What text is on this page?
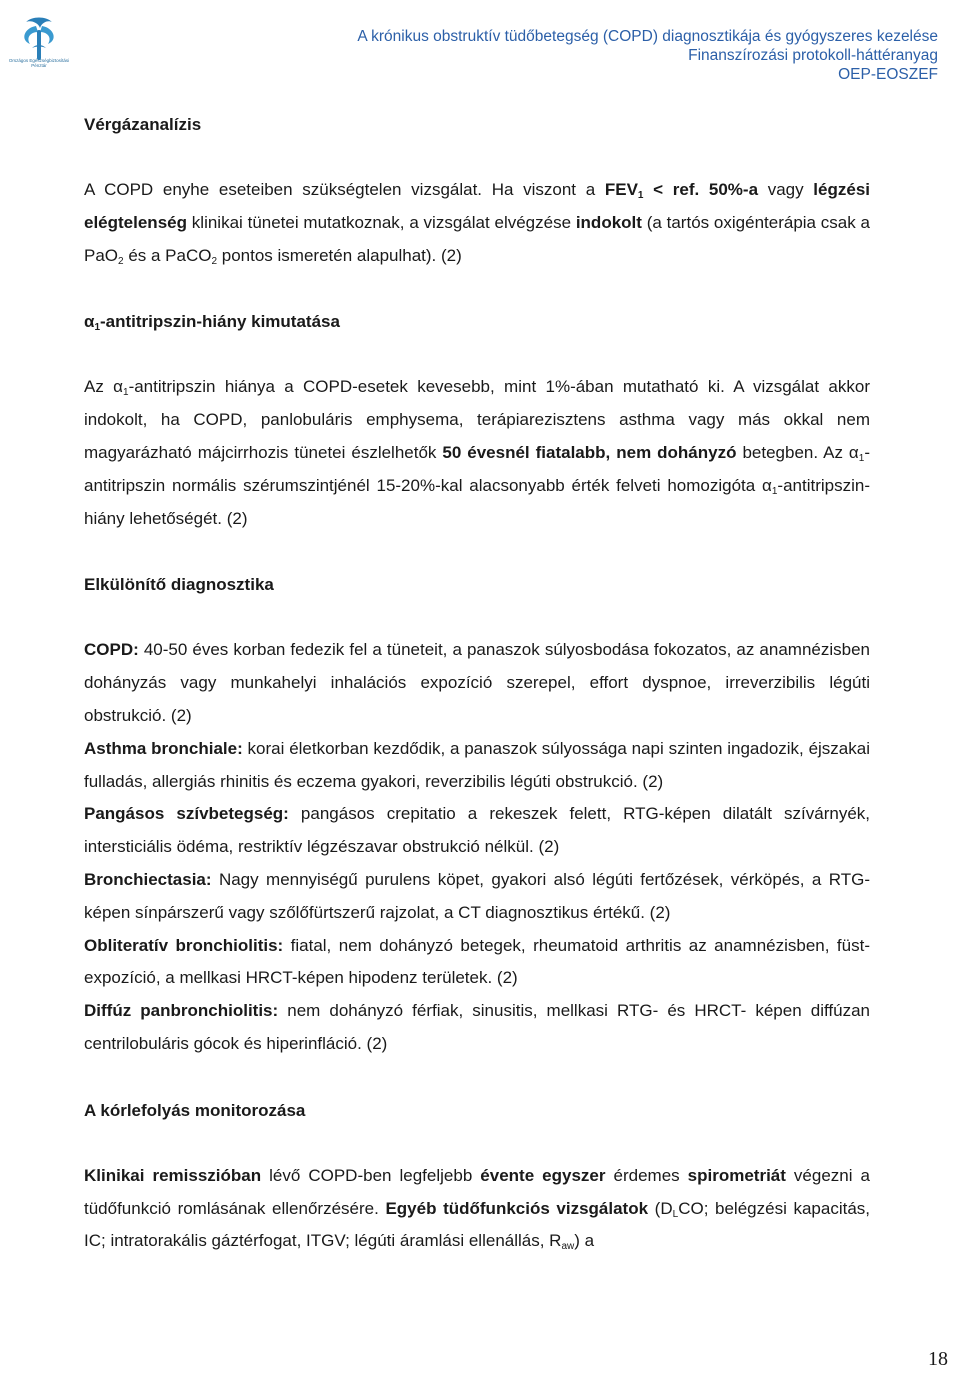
Országos Egészségbiztosítási Pénztár
A krónikus obstruktív tüdőbetegség (COPD) diagnosztikája és gyógyszeres kezelése
Finanszírozási protokoll-háttéranyag
OEP-EOSZEF
Vérgázanalízis

A COPD enyhe eseteiben szükségtelen vizsgálat. Ha viszont a $FEV_1$ < ref. 50%-a vagy légzési elégtelenség klinikai tünetei mutatkoznak, a vizsgálat elvégzése indokolt (a tartós oxigénterápia csak a PaO$_2$ és a PaCO$_2$ pontos ismeretén alapulhat). (2)

$\alpha_1-antitripszin$-hiány kimutatása

Az $\alpha_1$-antitripszin hiánya a COPD-esetek kevesebb, mint 1%-ában mutatható ki. A vizsgálat akkor indokolt, ha COPD, panlobuláris emphysema, terápiarezisztens asthma vagy más okkal nem magyarázható májcirrhozis tünetei észlelhetők 50 évesnél fiatalabb, nem dohányzó betegben. Az $\alpha_1$-antitripszin normális szérumszintjénél 15-20%-kal alacsonyabb érték felveti homozigóta $\alpha_1-antitripszin$-hiány lehetőségét. (2)

Elkülönítő diagnosztika

COPD: 40-50 éves korban fedezik fel a tüneteit, a panaszok súlyosbodása fokozatos, az anamnézisben dohányzás vagy munkahelyi inhalációs expozíció szerepel, effort dyspnoe, irreverzibilis légúti obstrukció. (2)

Asthma bronchiale: korai életkorban kezdődik, a panaszok súlyossága napi szinten ingadozik, éjszakai fulladás, allergiás rhinitis és eczema gyakori, reverzibilis légúti obstrukció. (2)

Pangásos szívbetegség: pangásos crepitatio a rekeszek felett, RTG-képen dilatált szívárnyék, intersticiális ödéma, restriktív légzészavar obstrukció nélkül. (2)

Bronchiectasia: Nagy mennyiségű purulens köpet, gyakori alsó légúti fertőzések, vérköpés, a RTG-képen sínpárszerű vagy szőlőfürtszerű rajzolat, a CT diagnosztikus értékű. (2)

Obliteratív bronchiolitis: fiatal, nem dohányzó betegek, rheumatoid arthritis az anamnézisben, füst-expozíció, a mellkasi HRCT-képen hipodenz területek. (2)

Diffúz panbronchiolitis: nem dohányzó férfiak, sinusitis, mellkasi RTG- és HRCT- képen diffúzan centrilobuláris gócok és hiperinfláció. (2)

A kórlefolyás monitorozása

Klinikai remisszióban lévő COPD-ben legfeljebb évente egyszer érdemes spirometriát végezni a tüdőfunkció romlásának ellenőrzésére. Egyéb tüdőfunkciós vizsgálatok ($D_LCO$; belégzési kapacitás, IC; intratorakális gáztérfogat, ITGV; légúti áramlási ellenállás, $R_{aw}$) a

18
